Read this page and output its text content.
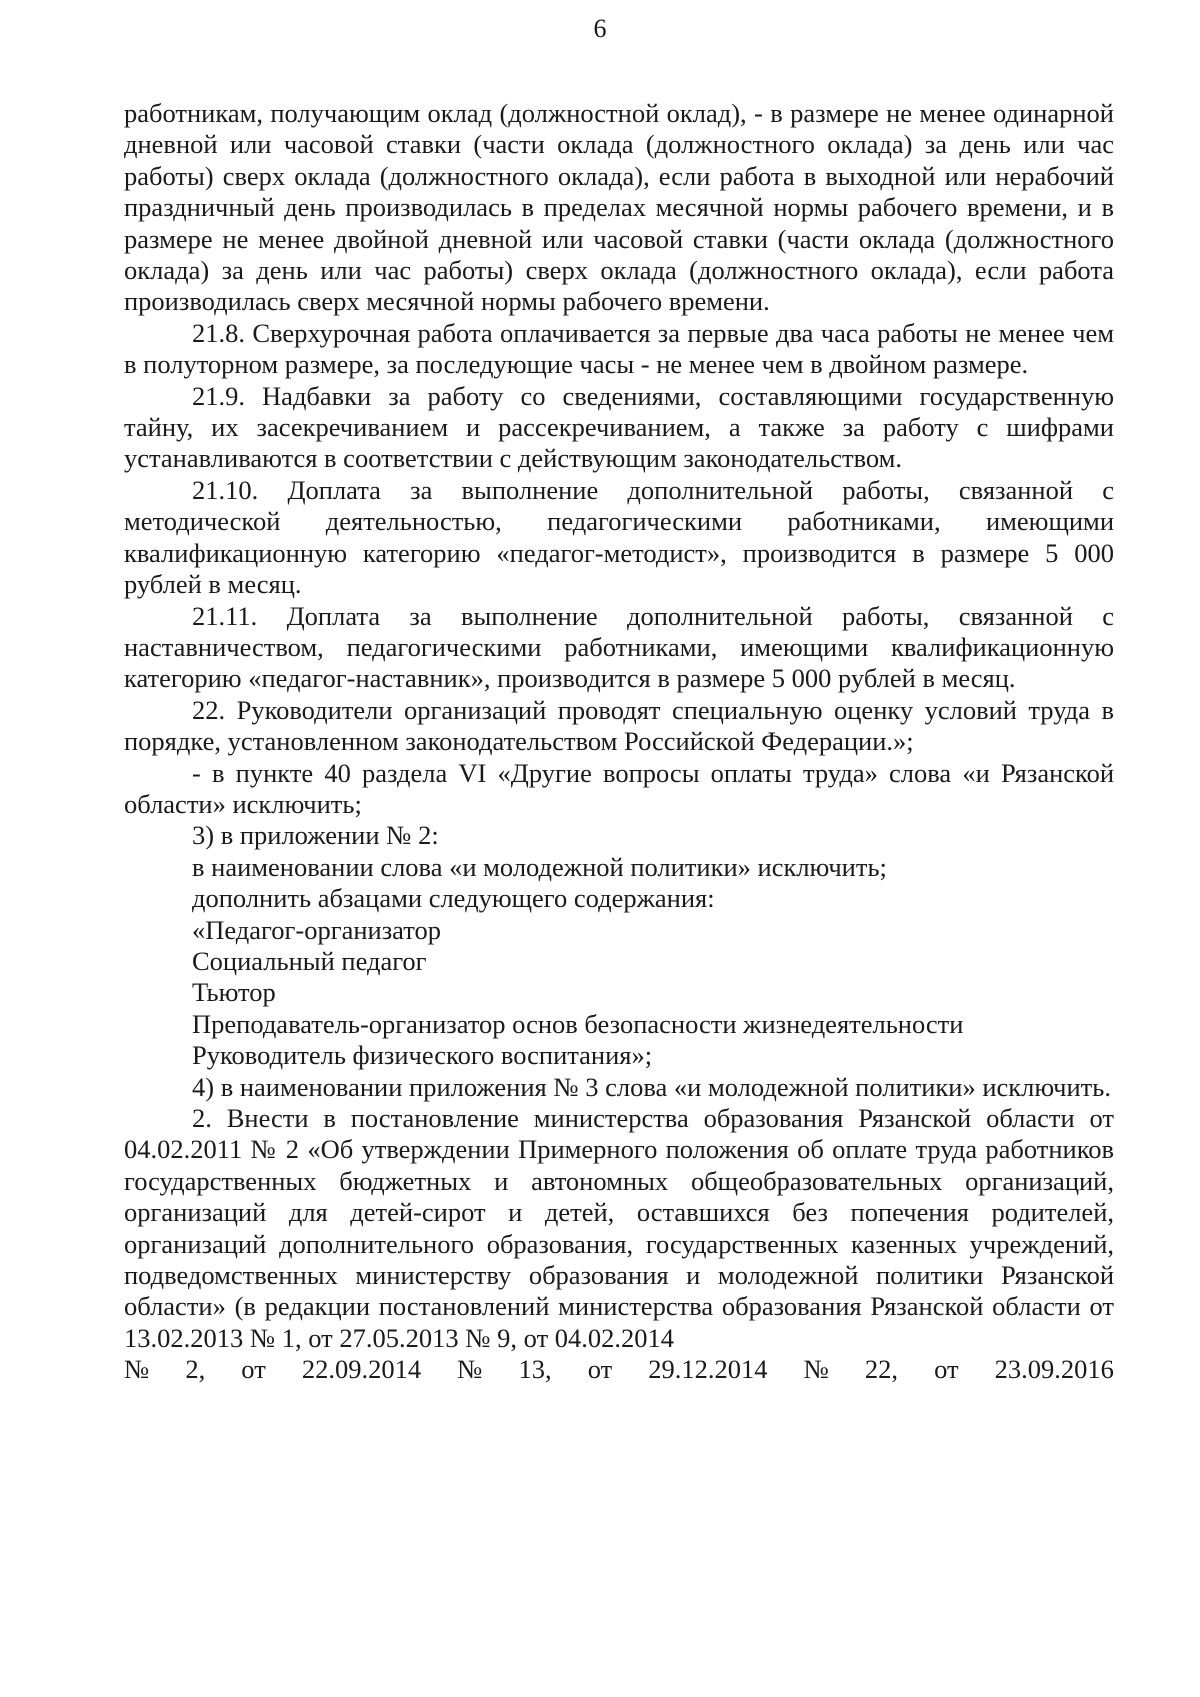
6

работникам, получающим оклад (должностной оклад), - в размере не менее одинарной дневной или часовой ставки (части оклада (должностного оклада) за день или час работы) сверх оклада (должностного оклада), если работа в выходной или нерабочий праздничный день производилась в пределах месячной нормы рабочего времени, и в размере не менее двойной дневной или часовой ставки (части оклада (должностного оклада) за день или час работы) сверх оклада (должностного оклада), если работа производилась сверх месячной нормы рабочего времени.

21.8. Сверхурочная работа оплачивается за первые два часа работы не менее чем в полуторном размере, за последующие часы - не менее чем в двойном размере.

21.9. Надбавки за работу со сведениями, составляющими государственную тайну, их засекречиванием и рассекречиванием, а также за работу с шифрами устанавливаются в соответствии с действующим законодательством.

21.10. Доплата за выполнение дополнительной работы, связанной с методической деятельностью, педагогическими работниками, имеющими квалификационную категорию «педагог-методист», производится в размере 5 000 рублей в месяц.

21.11. Доплата за выполнение дополнительной работы, связанной с наставничеством, педагогическими работниками, имеющими квалификационную категорию «педагог-наставник», производится в размере 5 000 рублей в месяц.

22. Руководители организаций проводят специальную оценку условий труда в порядке, установленном законодательством Российской Федерации.»;

- в пункте 40 раздела VI «Другие вопросы оплаты труда» слова «и Рязанской области» исключить;

3) в приложении № 2:

в наименовании слова «и молодежной политики» исключить;

дополнить абзацами следующего содержания:

«Педагог-организатор

Социальный педагог

Тьютор

Преподаватель-организатор основ безопасности жизнедеятельности

Руководитель физического воспитания»;

4) в наименовании приложения № 3 слова «и молодежной политики» исключить.

2. Внести в постановление министерства образования Рязанской области от 04.02.2011 № 2 «Об утверждении Примерного положения об оплате труда работников государственных бюджетных и автономных общеобразовательных организаций, организаций для детей-сирот и детей, оставшихся без попечения родителей, организаций дополнительного образования, государственных казенных учреждений, подведомственных министерству образования и молодежной политики Рязанской области» (в редакции постановлений министерства образования Рязанской области от 13.02.2013 № 1, от 27.05.2013 № 9, от 04.02.2014

№ 2, от 22.09.2014 № 13, от 29.12.2014 № 22, от 23.09.2016
